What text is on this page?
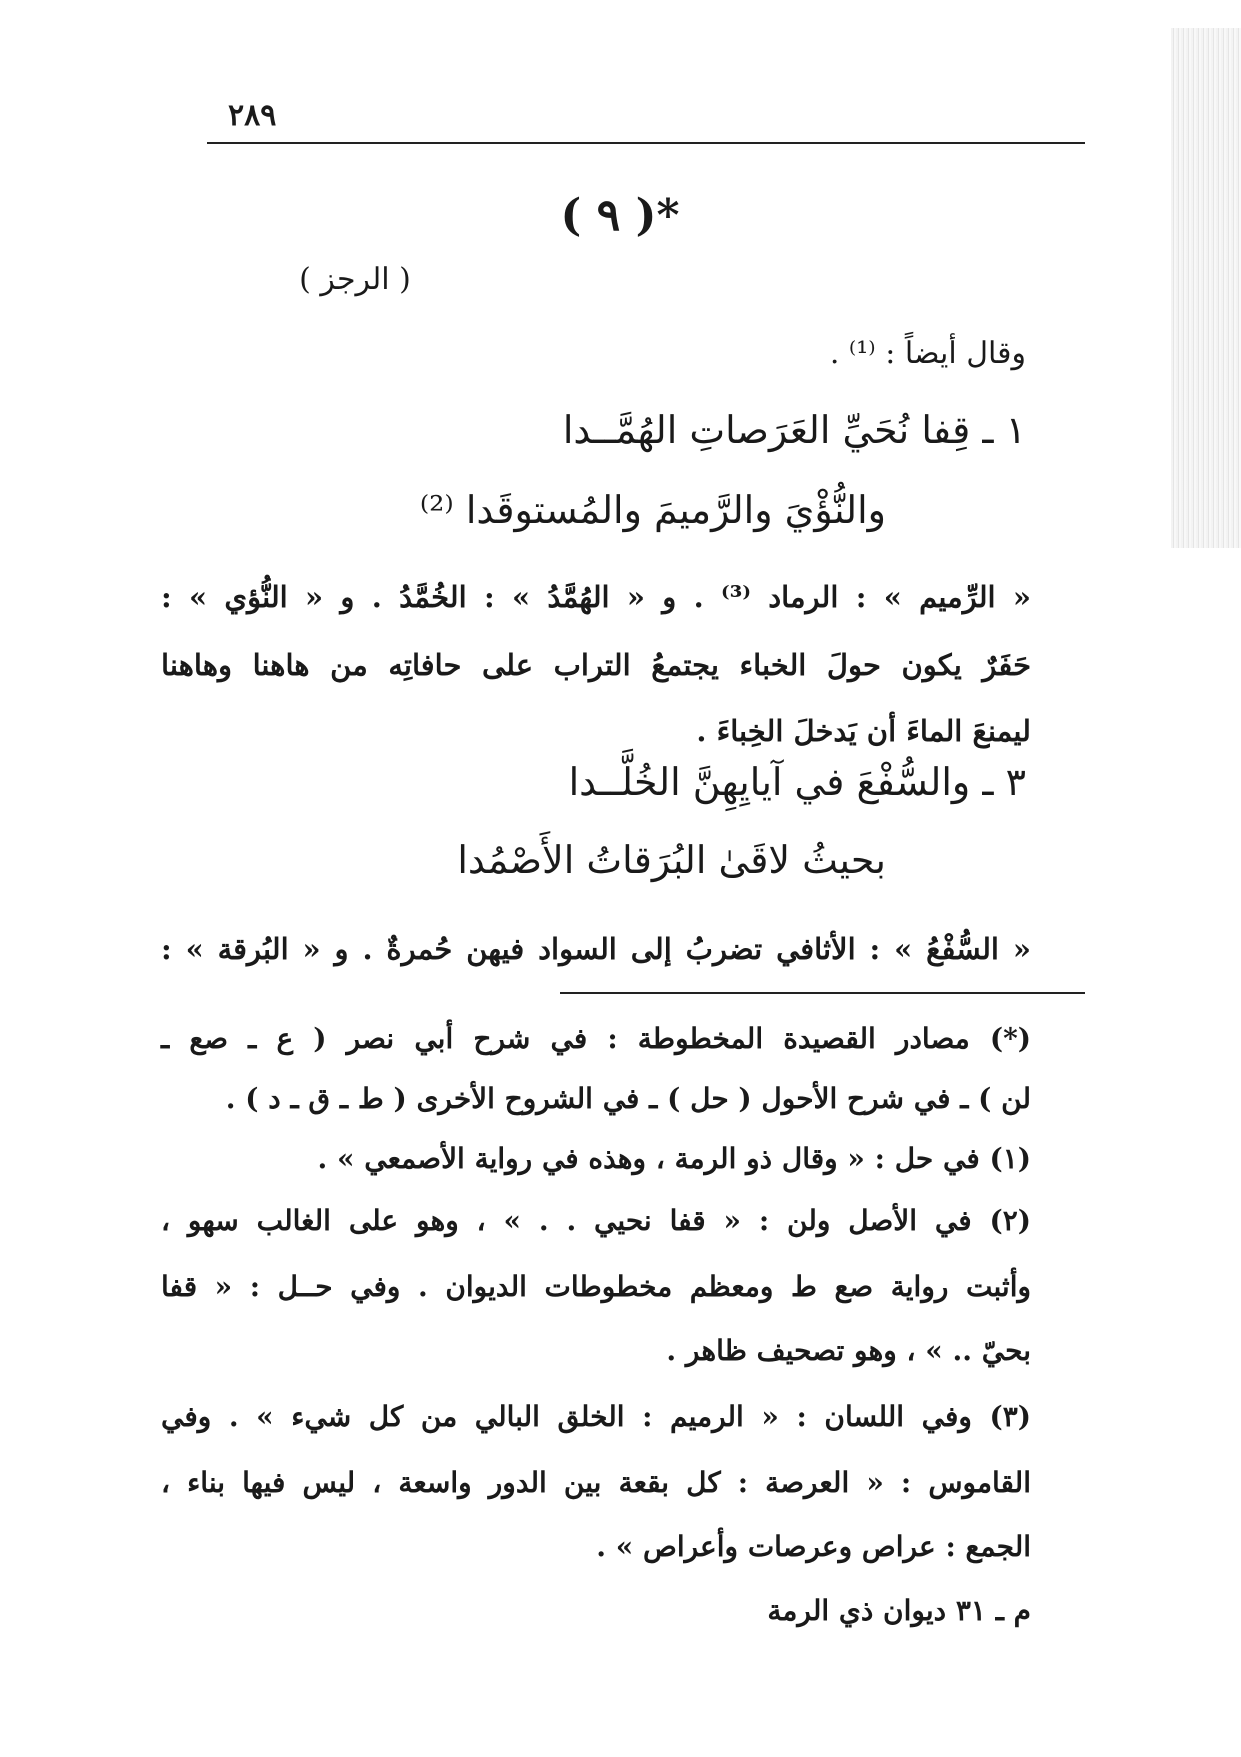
٢٨٩
( ٩ )*
( الرجز )
وقال أيضاً : ⁽¹⁾ .
١ ـ قِفا نُحَيِّ العَرَصاتِ الهُمَّــدا
والنُّؤْيَ والرَّميمَ والمُستوقَدا ⁽²⁾
« الرِّميم » : الرماد ⁽³⁾ . و « الهُمَّدُ » : الخُمَّدُ . و « النُّؤي » :
حَفَرٌ يكون حولَ الخباء يجتمعُ التراب على حافاتِه من هاهنا وهاهنا
ليمنعَ الماءَ أن يَدخلَ الخِباءَ .
٣ ـ والسُّفْعَ في آيايِهِنَّ الخُلَّــدا
بحيثُ لاقَىٰ البُرَقاتُ الأَصْمُدا
« السُّفْعُ » : الأثافي تضربُ إلى السواد فيهن حُمرةٌ . و « البُرقة » :
(*) مصادر القصيدة المخطوطة : في شرح أبي نصر ( ع ـ صع ـ
لن ) ـ في شرح الأحول ( حل ) ـ في الشروح الأخرى ( ط ـ ق ـ د ) .
(١) في حل : « وقال ذو الرمة ، وهذه في رواية الأصمعي » .
(٢) في الأصل ولن : « قفا نحيي . . » ، وهو على الغالب سهو ،
وأثبت رواية صع ط ومعظم مخطوطات الديوان . وفي حــل : « قفا
بحيّ .. » ، وهو تصحيف ظاهر .
(٣) وفي اللسان : « الرميم : الخلق البالي من كل شيء » . وفي
القاموس : « العرصة : كل بقعة بين الدور واسعة ، ليس فيها بناء ،
الجمع : عراص وعرصات وأعراص » .
م ـ ٣١ ديوان ذي الرمة
